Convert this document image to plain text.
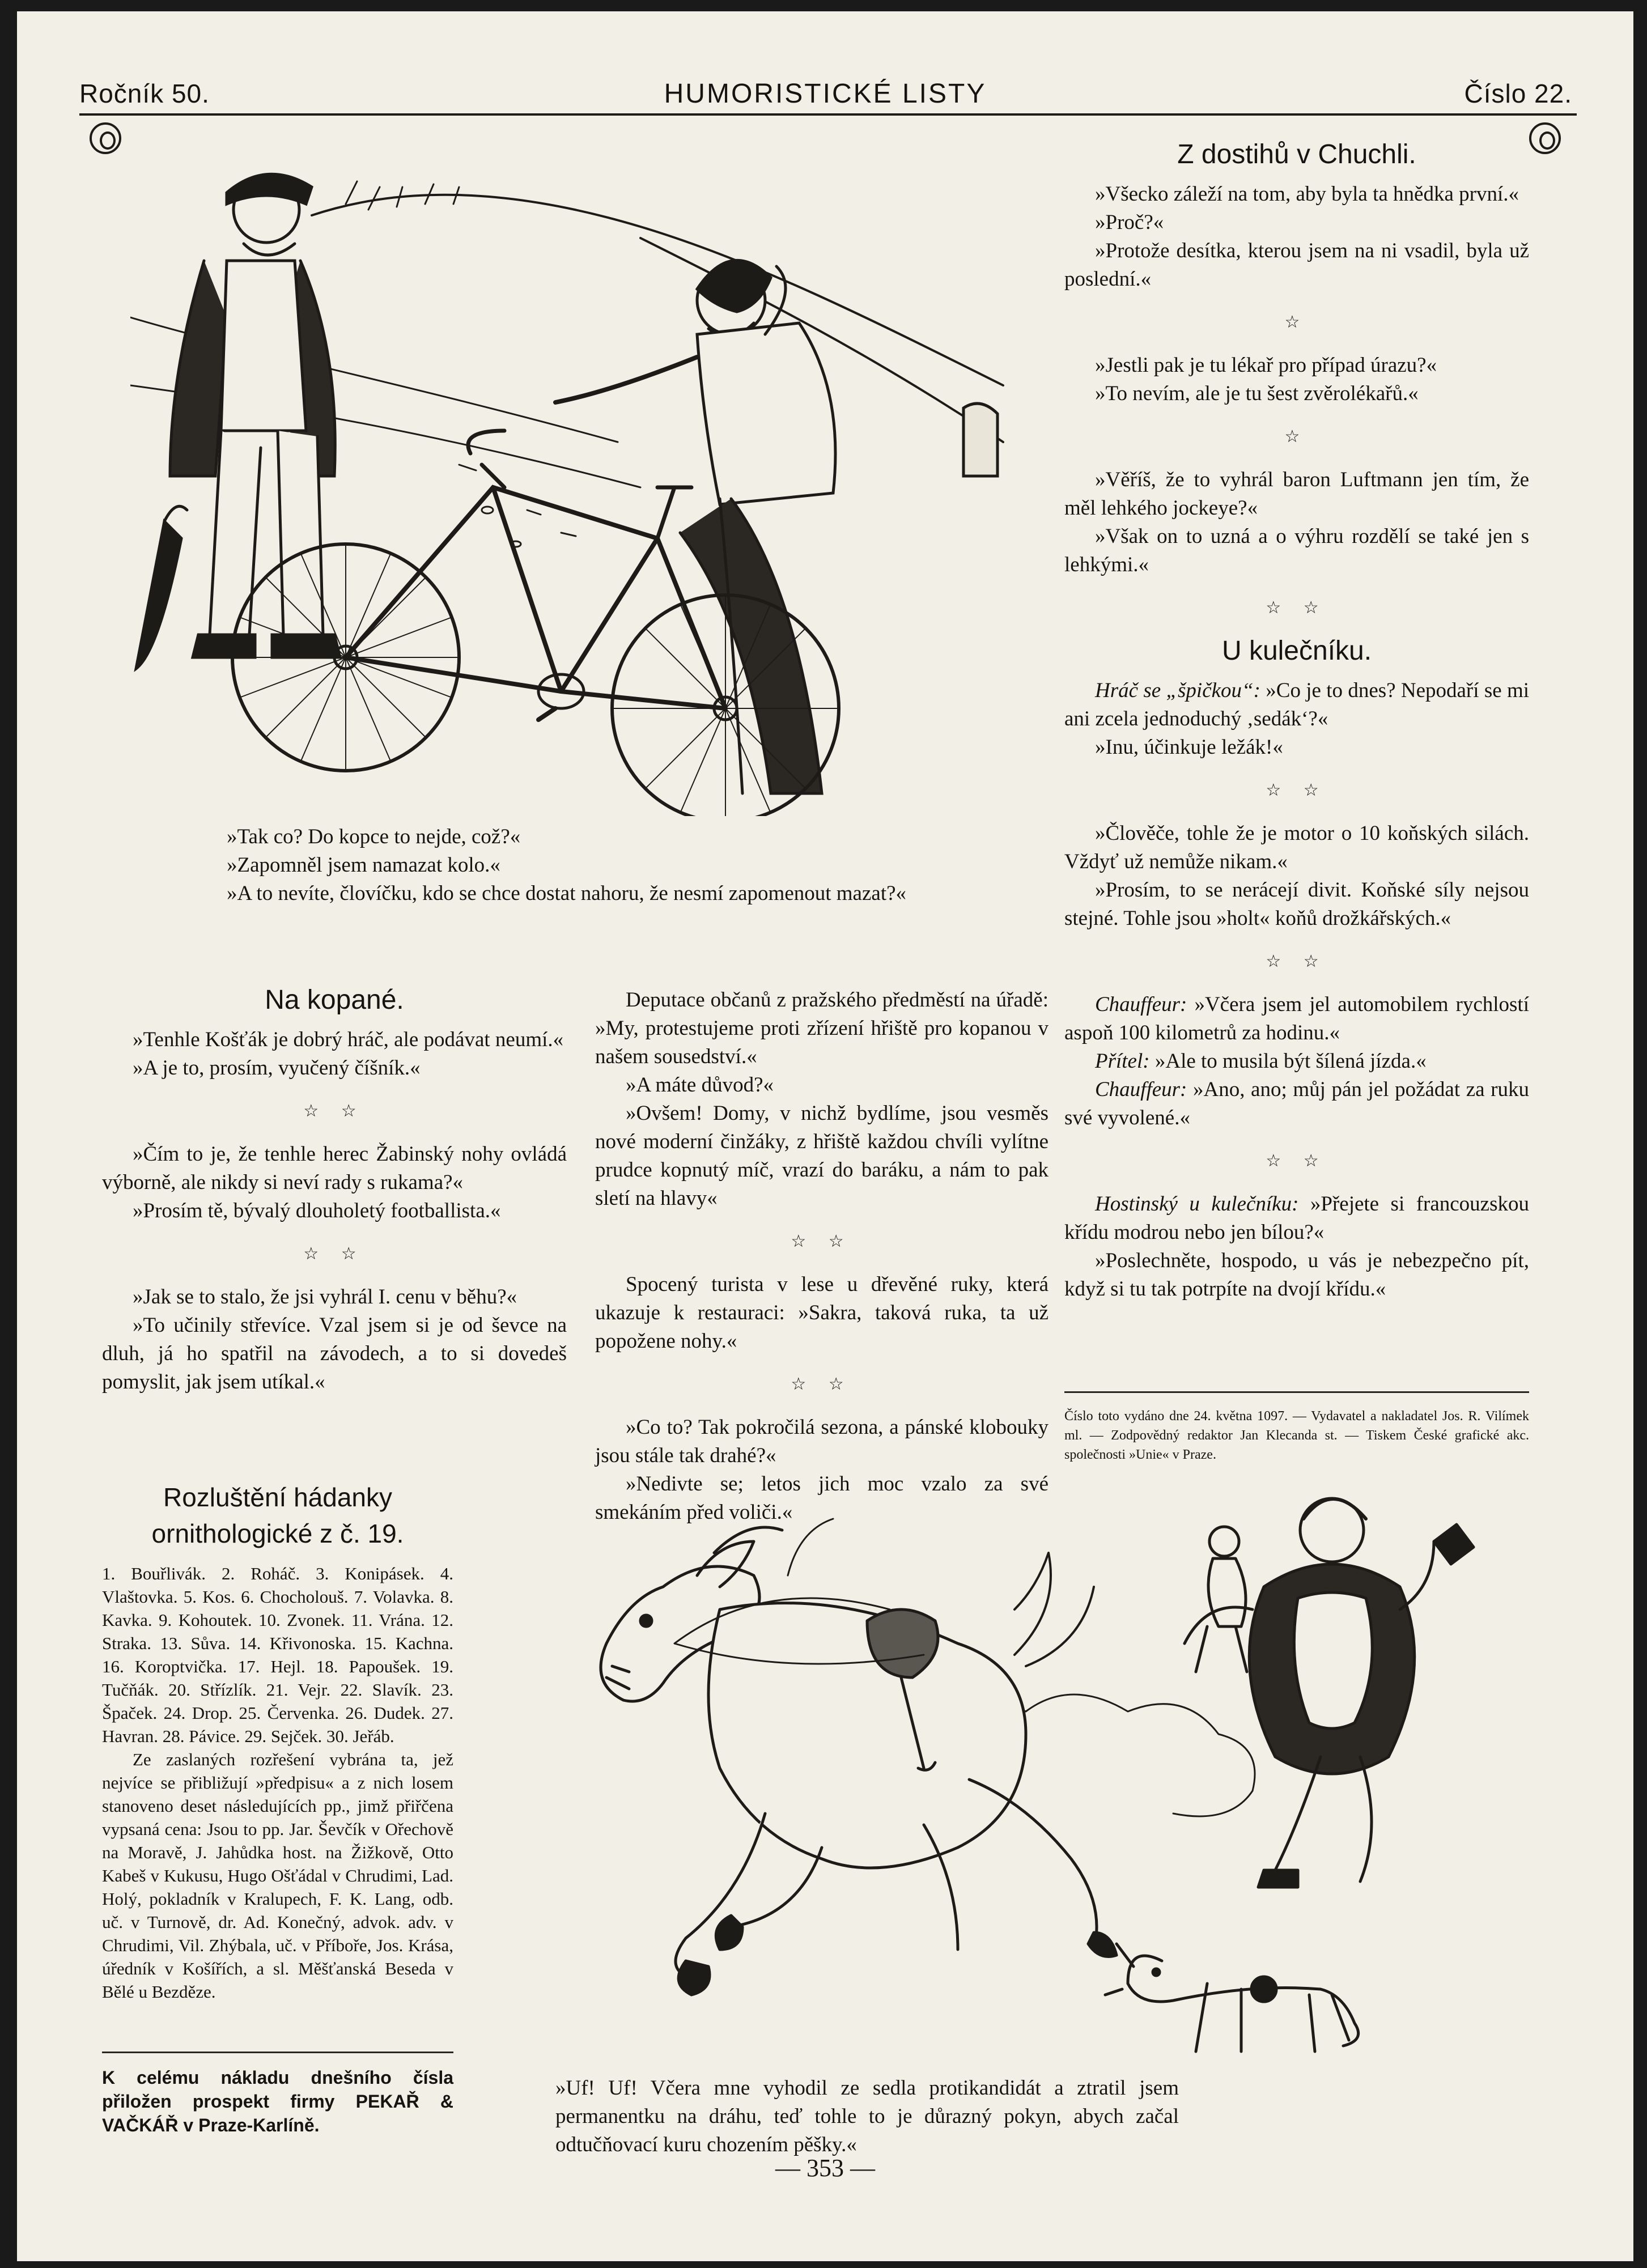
HUMORISTICKÉ LISTY
Ročník 50.	Číslo 22.

»Tak co? Do kopce to nejde, což?«

»Zapomněl jsem namazat kolo.«

»A to nevíte, človíčku, kdo se chce dostat nahoru, že nesmí zapomenout mazat?«

Z dostihů v Chuchli.

»Všecko záleží na tom, aby byla ta hnědka první.«

»Proč?«

»Protože desítka, kterou jsem na ni vsadil, byla už poslední.«

☆

»Jestli pak je tu lékař pro případ úrazu?«

»To nevím, ale je tu šest zvěrolékařů.«

☆

»Věříš, že to vyhrál baron Luftmann jen tím, že měl lehkého jockeye?«

»Však on to uzná a o výhru rozdělí se také jen s lehkými.«

☆ ☆
U kulečníku.

Hráč se „špičkou“: »Co je to dnes? Nepodaří se mi ani zcela jednoduchý ‚sedák‘?«

»Inu, účinkuje ležák!«

☆ ☆

»Člověče, tohle že je motor o 10 koňských silách. Vždyť už nemůže nikam.«

»Prosím, to se nerácejí divit. Koňské síly nejsou stejné. Tohle jsou »holt« koňů drožkářských.«

☆ ☆

Chauffeur: »Včera jsem jel automobilem rychlostí aspoň 100 kilometrů za hodinu.«

Přítel: »Ale to musila být šílená jízda.«

Chauffeur: »Ano, ano; můj pán jel požádat za ruku své vyvolené.«

☆ ☆

Hostinský u kulečníku: »Přejete si francouzskou křídu modrou nebo jen bílou?«

»Poslechněte, hospodo, u vás je nebezpečno pít, když si tu tak potrpíte na dvojí křídu.«

Číslo toto vydáno dne 24. května 1097. — Vydavatel a nakladatel Jos. R. Vilímek ml. — Zodpovědný redaktor Jan Klecanda st. — Tiskem České grafické akc. společnosti »Unie« v Praze.

Na kopané.

»Tenhle Košťák je dobrý hráč, ale podávat neumí.«

»A je to, prosím, vyučený číšník.«

☆ ☆

»Čím to je, že tenhle herec Žabinský nohy ovládá výborně, ale nikdy si neví rady s rukama?«

»Prosím tě, bývalý dlouholetý footballista.«

☆ ☆

»Jak se to stalo, že jsi vyhrál I. cenu v běhu?«

»To učinily střevíce. Vzal jsem si je od ševce na dluh, já ho spatřil na závodech, a to si dovedeš pomyslit, jak jsem utíkal.«

Deputace občanů z pražského předměstí na úřadě: »My, protestujeme proti zřízení hřiště pro kopanou v našem sousedství.«

»A máte důvod?«

»Ovšem! Domy, v nichž bydlíme, jsou vesměs nové moderní činžáky, z hřiště každou chvíli vylítne prudce kopnutý míč, vrazí do baráku, a nám to pak sletí na hlavy«

☆ ☆

Spocený turista v lese u dřevěné ruky, která ukazuje k restauraci: »Sakra, taková ruka, ta už popožene nohy.«

☆ ☆

»Co to? Tak pokročilá sezona, a pánské klobouky jsou stále tak drahé?«

»Nedivte se; letos jich moc vzalo za své smekáním před voliči.«

Rozluštění hádanky
ornithologické z č. 19.

1. Bouřlivák. 2. Roháč. 3. Konipásek. 4. Vlaštovka. 5. Kos. 6. Chocholouš. 7. Volavka. 8. Kavka. 9. Kohoutek. 10. Zvonek. 11. Vrána. 12. Straka. 13. Sůva. 14. Křivonoska. 15. Kachna. 16. Koroptvička. 17. Hejl. 18. Papoušek. 19. Tučňák. 20. Střízlík. 21. Vejr. 22. Slavík. 23. Špaček. 24. Drop. 25. Červenka. 26. Dudek. 27. Havran. 28. Pávice. 29. Sejček. 30. Jeřáb.

Ze zaslaných rozřešení vybrána ta, jež nejvíce se přibližují »předpisu« a z nich losem stanoveno deset následujících pp., jimž přiřčena vypsaná cena: Jsou to pp. Jar. Ševčík v Ořechově na Moravě, J. Jahůdka host. na Žižkově, Otto Kabeš v Kukusu, Hugo Ošťádal v Chrudimi, Lad. Holý, pokladník v Kralupech, F. K. Lang, odb. uč. v Turnově, dr. Ad. Konečný, advok. adv. v Chrudimi, Vil. Zhýbala, uč. v Příboře, Jos. Krása, úředník v Košířích, a sl. Měšťanská Beseda v Bělé u Bezděze.

K celému nákladu dnešního čísla přiložen prospekt firmy PEKAŘ & VAČKÁŘ v Praze-Karlíně.

»Uf! Uf! Včera mne vyhodil ze sedla protikandidát a ztratil jsem permanentku na dráhu, teď tohle to je důrazný pokyn, abych začal odtučňovací kuru chozením pěšky.«

— 353 —
